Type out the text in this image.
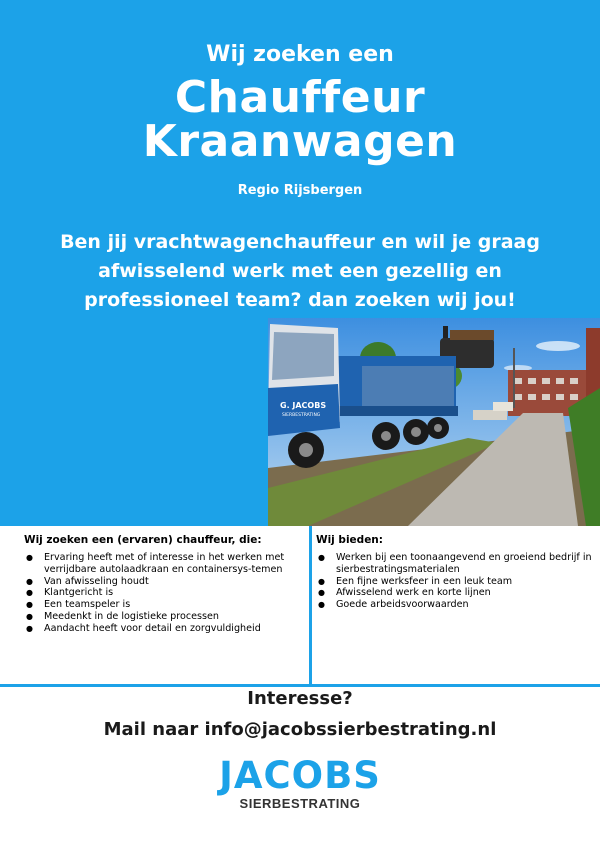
Wij zoeken een
Chauffeur
Kraanwagen
Regio Rijsbergen
Ben jij vrachtwagenchauffeur en wil je graag afwisselend werk met een gezellig en professioneel team? dan zoeken wij jou!
G. JACOBS
SIERBESTRATING
Wij zoeken een (ervaren) chauffeur, die:
● Ervaring heeft met of interesse in het werken met verrijdbare autolaadkraan en containersys-temen
● Van afwisseling houdt
● Klantgericht is
● Een teamspeler is
● Meedenkt in de logistieke processen
● Aandacht heeft voor detail en zorgvuldigheid
Wij bieden:
● Werken bij een toonaangevend en groeiend bedrijf in sierbestratingsmaterialen
● Een fijne werksfeer in een leuk team
● Afwisselend werk en korte lijnen
● Goede arbeidsvoorwaarden
Interesse?
Mail naar info@jacobssierbestrating.nl
JACOBS
SIERBESTRATING
